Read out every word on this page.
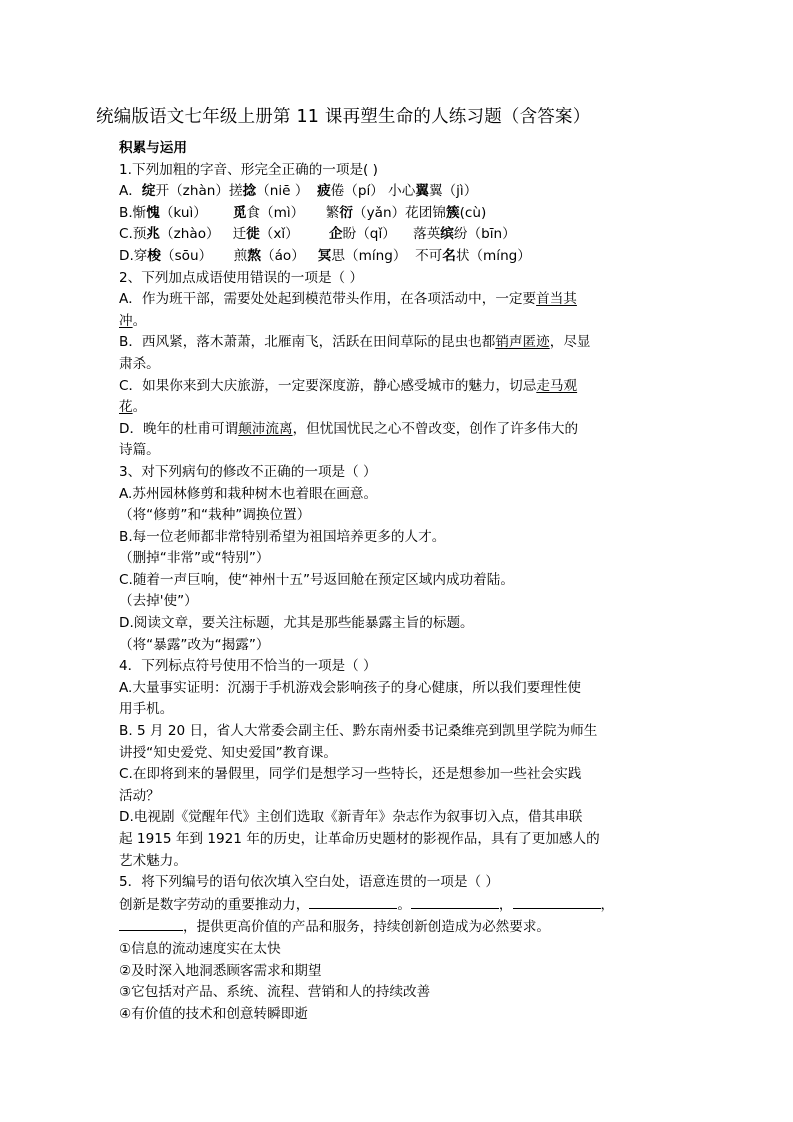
统编版语文七年级上册第 11 课再塑生命的人练习题（含答案）

积累与运用

1.下列加粗的字音、形完全正确的一项是( )

A．绽开（zhàn）搓捻（niē ）  疲倦（pí） 小心翼翼（jì）

B.惭愧（kuì）      觅食（mì）     繁衍（yǎn）花团锦簇(cù)

C.预兆（zhào）   迁徙（xǐ）       企盼（qǐ）    落英缤纷（bīn）

D.穿梭（sōu）     煎熬（áo）   冥思（míng）  不可名状（míng）

2、下列加点成语使用错误的一项是（ ）

A．作为班干部，需要处处起到模范带头作用，在各项活动中，一定要首当其

冲。

B．西风紧，落木萧萧，北雁南飞，活跃在田间草际的昆虫也都销声匿迹，尽显

肃杀。

C．如果你来到大庆旅游，一定要深度游，静心感受城市的魅力，切忌走马观

花。

D．晚年的杜甫可谓颠沛流离，但忧国忧民之心不曾改变，创作了许多伟大的

诗篇。

3、对下列病句的修改不正确的一项是（ ）

A.苏州园林修剪和栽种树木也着眼在画意。

（将“修剪”和“栽种”调换位置）

B.每一位老师都非常特别希望为祖国培养更多的人才。

（删掉“非常”或“特别”）

C.随着一声巨响，使“神州十五”号返回舱在预定区域内成功着陆。

（去掉'使”）

D.阅读文章，要关注标题，尤其是那些能暴露主旨的标题。

（将“暴露”改为“揭露”）

4．下列标点符号使用不恰当的一项是（ ）

A.大量事实证明：沉溺于手机游戏会影响孩子的身心健康，所以我们要理性使

用手机。

B. 5 月 20 日，省人大常委会副主任、黔东南州委书记桑维亮到凯里学院为师生

讲授“知史爱党、知史爱国”教育课。

C.在即将到来的暑假里，同学们是想学习一些特长，还是想参加一些社会实践

活动？

D.电视剧《觉醒年代》主创们选取《新青年》杂志作为叙事切入点，借其串联

起 1915 年到 1921 年的历史，让革命历史题材的影视作品，具有了更加感人的

艺术魅力。

5．将下列编号的语句依次填入空白处，语意连贯的一项是（ ）

创新是数字劳动的重要推动力，	。	，	，

，提供更高价值的产品和服务，持续创新创造成为必然要求。

①信息的流动速度实在太快

②及时深入地洞悉顾客需求和期望

③它包括对产品、系统、流程、营销和人的持续改善

④有价值的技术和创意转瞬即逝
